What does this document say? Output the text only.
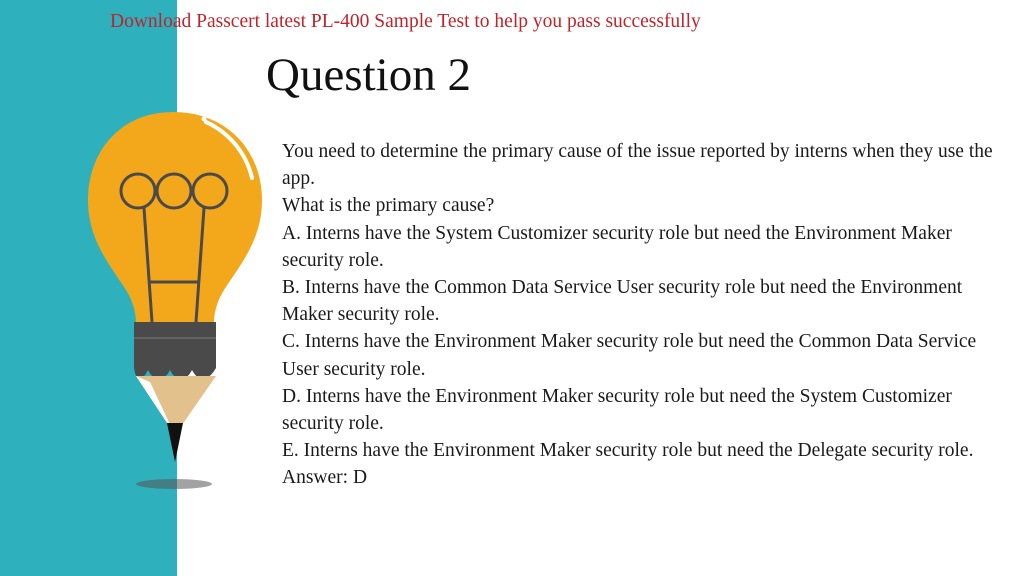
Download Passcert latest PL-400 Sample Test to help you pass successfully
Question 2

You need to determine the primary cause of the issue reported by interns when they use the app.

What is the primary cause?

A. Interns have the System Customizer security role but need the Environment Maker security role.

B. Interns have the Common Data Service User security role but need the Environment Maker security role.

C. Interns have the Environment Maker security role but need the Common Data Service User security role.

D. Interns have the Environment Maker security role but need the System Customizer security role.

E. Interns have the Environment Maker security role but need the Delegate security role.

Answer: D
